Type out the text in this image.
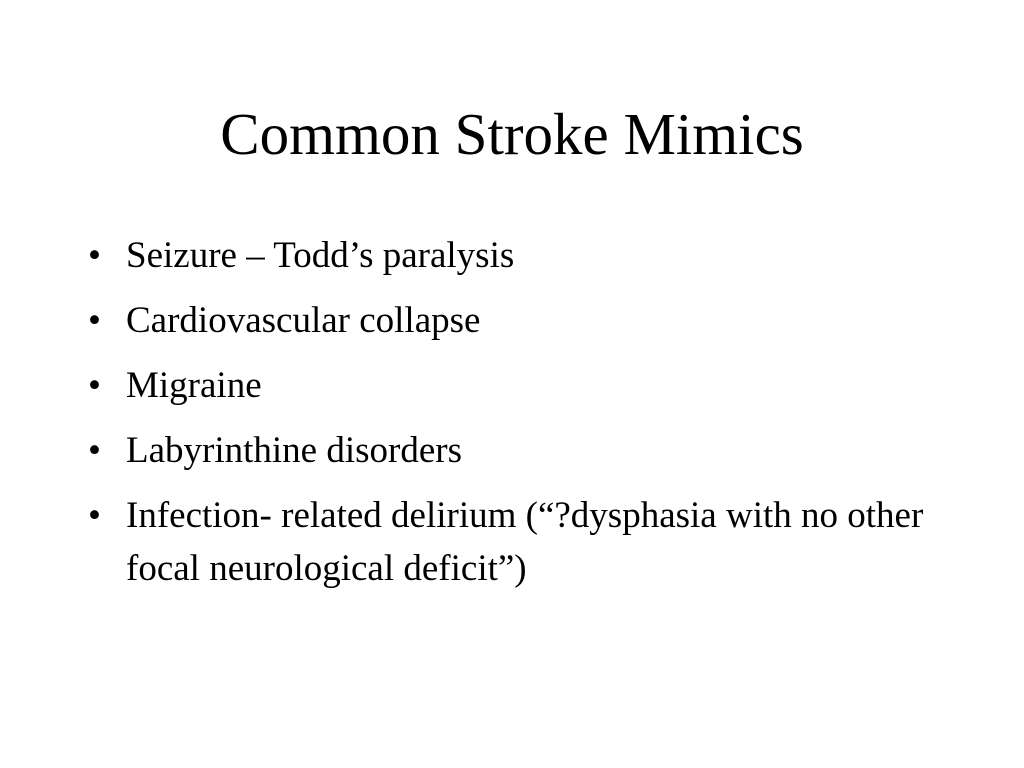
Common Stroke Mimics
• Seizure – Todd’s paralysis
• Cardiovascular collapse
• Migraine
• Labyrinthine disorders
• Infection- related delirium (“?dysphasia with no other focal neurological deficit”)
